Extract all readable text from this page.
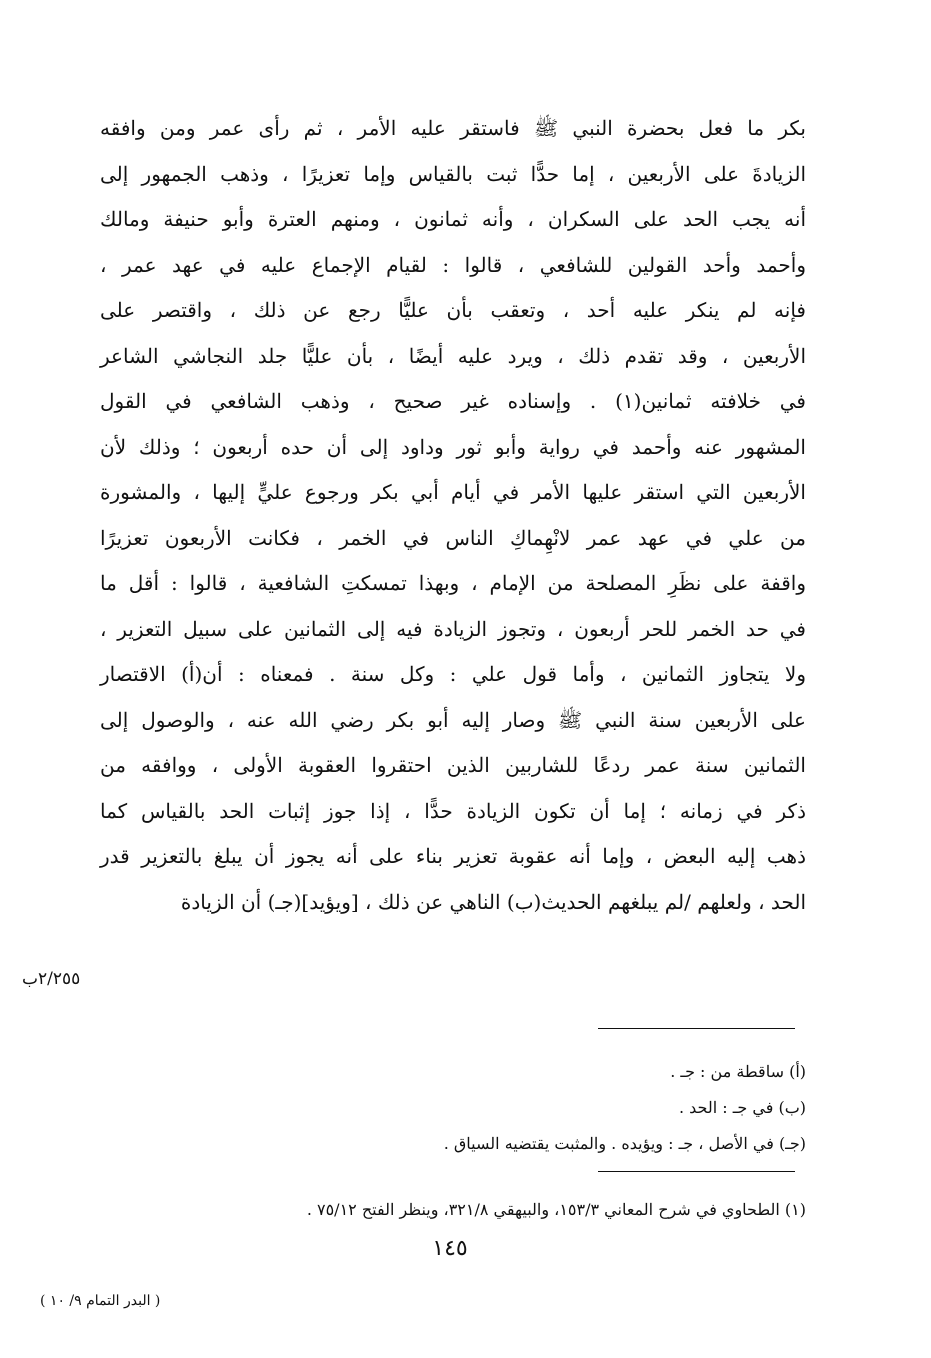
بكر ما فعل بحضرة النبي ﷺ فاستقر عليه الأمر ، ثم رأى عمر ومن وافقه
الزيادةَ على الأربعين ، إما حدًّا ثبت بالقياس وإما تعزيرًا ، وذهب الجمهور إلى
أنه يجب الحد على السكران ، وأنه ثمانون ، ومنهم العترة وأبو حنيفة ومالك
وأحمد وأحد القولين للشافعي ، قالوا : لقيام الإجماع عليه في عهد عمر ،
فإنه لم ينكر عليه أحد ، وتعقب بأن عليًّا رجع عن ذلك ، واقتصر على
الأربعين ، وقد تقدم ذلك ، ويرد عليه أيضًا ، بأن عليًّا جلد النجاشي الشاعر
في خلافته ثمانين(١) . وإسناده غير صحيح ، وذهب الشافعي في القول
المشهور عنه وأحمد في رواية وأبو ثور وداود إلى أن حده أربعون ؛ وذلك لأن
الأربعين التي استقر عليها الأمر في أيام أبي بكر ورجوع عليٍّ إليها ، والمشورة
من علي في عهد عمر لانْهِماكِ الناس في الخمر ، فكانت الأربعون تعزيرًا
واقفة على نظَرِ المصلحة من الإمام ، وبهذا تمسكتِ الشافعية ، قالوا : أقل ما
في حد الخمر للحر أربعون ، وتجوز الزيادة فيه إلى الثمانين على سبيل التعزير ،
ولا يتجاوز الثمانين ، وأما قول علي : وكل سنة . فمعناه : أن(أ) الاقتصار
على الأربعين سنة النبي ﷺ وصار إليه أبو بكر رضي الله عنه ، والوصول إلى
الثمانين سنة عمر ردعًا للشاربين الذين احتقروا العقوبة الأولى ، ووافقه من
ذكر في زمانه ؛ إما أن تكون الزيادة حدًّا ، إذا جوز إثبات الحد بالقياس كما
ذهب إليه البعض ، وإما أنه عقوبة تعزير بناء على أنه يجوز أن يبلغ بالتعزير قدر
الحد ، ولعلهم /لم يبلغهم الحديث(ب) الناهي عن ذلك ، [ويؤيد](جـ) أن الزيادة
٢/٢٥٥ب
(أ) ساقطة من : جـ .
(ب) في جـ : الحد .
(جـ) في الأصل ، جـ : ويؤيده . والمثبت يقتضيه السياق .
(١) الطحاوي في شرح المعاني ١٥٣/٣، والبيهقي ٣٢١/٨، وينظر الفتح ٧٥/١٢ .
١٤٥
( البدر التمام ٩/ ١٠ )
